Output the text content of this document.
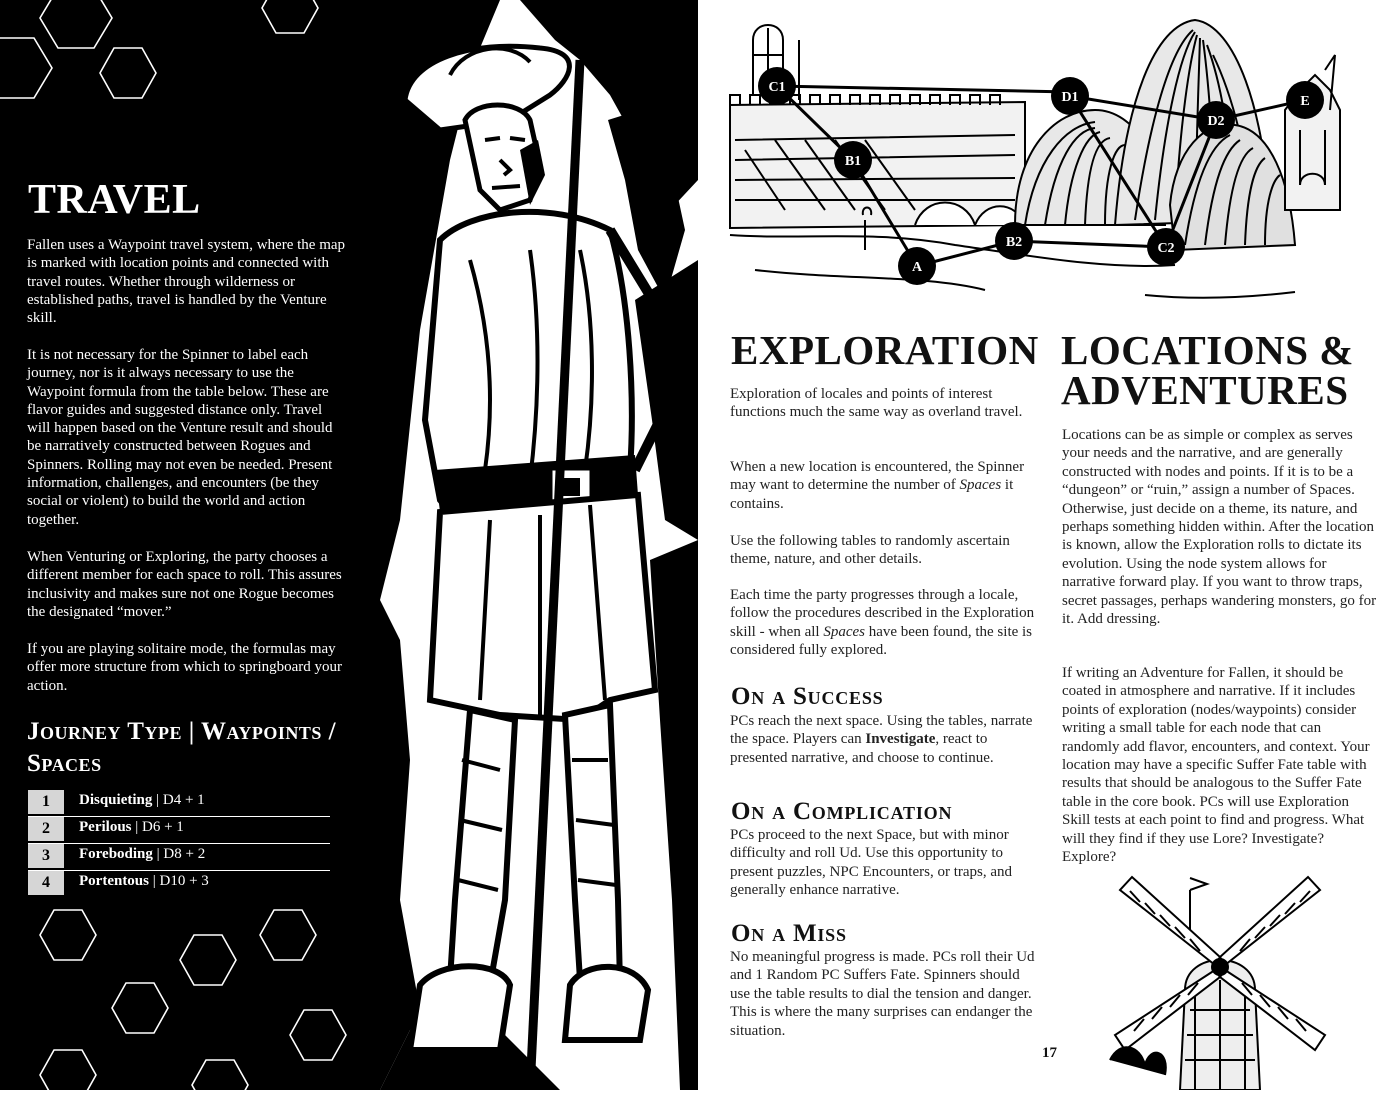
TRAVEL

Fallen uses a Waypoint travel system, where the map is marked with location points and connected with travel routes. Whether through wilderness or established paths, travel is handled by the Venture skill.

It is not necessary for the Spinner to label each journey, nor is it always necessary to use the Waypoint formula from the table below. These are flavor guides and suggested distance only. Travel will happen based on the Venture result and should be narratively constructed between Rogues and Spinners. Rolling may not even be needed. Present information, challenges, and encounters (be they social or violent) to build the world and action together.

When Venturing or Exploring, the party chooses a different member for each space to roll. This assures inclusivity and makes sure not one Rogue becomes the designated “mover.”

If you are playing solitaire mode, the formulas may offer more structure from which to springboard your action.

Journey Type | Waypoints / Spaces
1	Disquieting | D4 + 1
2	Perilous | D6 + 1
3	Foreboding | D8 + 2
4	Portentous | D10 + 3
C1
D1	E
D2
B1
B2	C2
A
EXPLORATION

Exploration of locales and points of interest functions much the same way as overland travel.

When a new location is encountered, the Spinner may want to determine the number of Spaces it contains.

Use the following tables to randomly ascertain theme, nature, and other details.

Each time the party progresses through a locale, follow the procedures described in the Exploration skill - when all Spaces have been found, the site is considered fully explored.

On a Success

PCs reach the next space. Using the tables, narrate the space. Players can Investigate, react to presented narrative, and choose to continue.

On a Complication

PCs proceed to the next Space, but with minor difficulty and roll Ud. Use this opportunity to present puzzles, NPC Encounters, or traps, and generally enhance narrative.

On a Miss

No meaningful progress is made. PCs roll their Ud and 1 Random PC Suffers Fate. Spinners should use the table results to dial the tension and danger. This is where the many surprises can endanger the situation.

17
LOCATIONS & ADVENTURES

Locations can be as simple or complex as serves your needs and the narrative, and are generally constructed with nodes and points. If it is to be a “dungeon” or “ruin,” assign a number of Spaces. Otherwise, just decide on a theme, its nature, and perhaps something hidden within. After the location is known, allow the Exploration rolls to dictate its evolution. Using the node system allows for narrative forward play. If you want to throw traps, secret passages, perhaps wandering monsters, go for it. Add dressing.

If writing an Adventure for Fallen, it should be coated in atmosphere and narrative. If it includes points of exploration (nodes/waypoints) consider writing a small table for each node that can randomly add flavor, encounters, and context. Your location may have a specific Suffer Fate table with results that should be analogous to the Suffer Fate table in the core book. PCs will use Exploration Skill tests at each point to find and progress. What will they find if they use Lore? Investigate? Explore?
